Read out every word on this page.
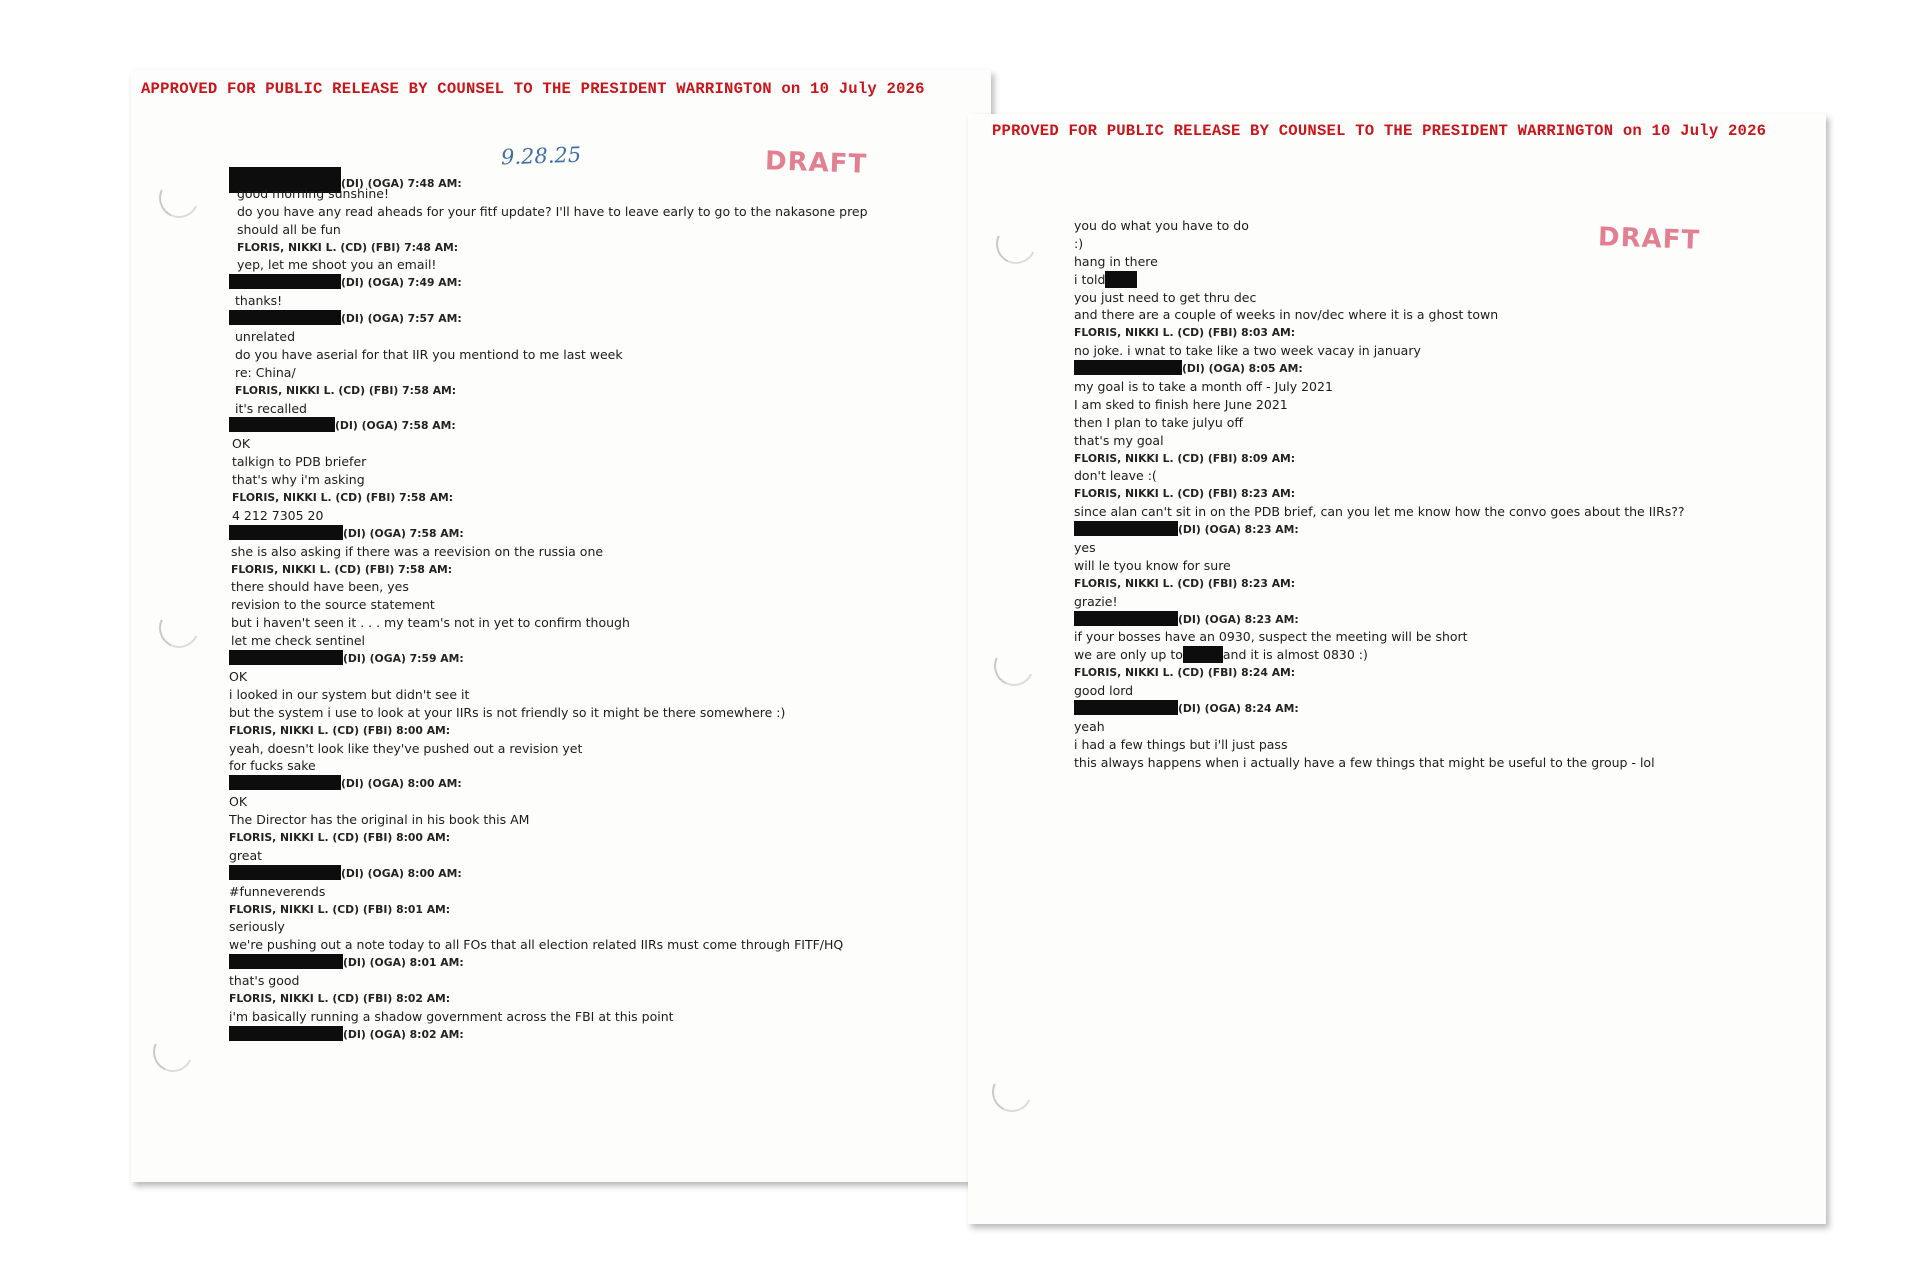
APPROVED FOR PUBLIC RELEASE BY COUNSEL TO THE PRESIDENT WARRINGTON on 10 July 2026
9.28.25	DRAFT
(DI) (OGA) 7:48 AM:
good morning sunshine!
do you have any read aheads for your fitf update? I'll have to leave early to go to the nakasone prep
should all be fun
FLORIS, NIKKI L. (CD) (FBI) 7:48 AM:
yep, let me shoot you an email!
(DI) (OGA) 7:49 AM:
thanks!
(DI) (OGA) 7:57 AM:
unrelated
do you have aserial for that IIR you mentiond to me last week
re: China/
FLORIS, NIKKI L. (CD) (FBI) 7:58 AM:
it's recalled
(DI) (OGA) 7:58 AM:
OK
talkign to PDB briefer
that's why i'm asking
FLORIS, NIKKI L. (CD) (FBI) 7:58 AM:
4 212 7305 20
(DI) (OGA) 7:58 AM:
she is also asking if there was a reevision on the russia one
FLORIS, NIKKI L. (CD) (FBI) 7:58 AM:
there should have been, yes
revision to the source statement
but i haven't seen it . . . my team's not in yet to confirm though
let me check sentinel
(DI) (OGA) 7:59 AM:
OK
i looked in our system but didn't see it
but the system i use to look at your IIRs is not friendly so it might be there somewhere :)
FLORIS, NIKKI L. (CD) (FBI) 8:00 AM:
yeah, doesn't look like they've pushed out a revision yet
for fucks sake
(DI) (OGA) 8:00 AM:
OK
The Director has the original in his book this AM
FLORIS, NIKKI L. (CD) (FBI) 8:00 AM:
great
(DI) (OGA) 8:00 AM:
#funneverends
FLORIS, NIKKI L. (CD) (FBI) 8:01 AM:
seriously
we're pushing out a note today to all FOs that all election related IIRs must come through FITF/HQ
(DI) (OGA) 8:01 AM:
that's good
FLORIS, NIKKI L. (CD) (FBI) 8:02 AM:
i'm basically running a shadow government across the FBI at this point
(DI) (OGA) 8:02 AM:
PPROVED FOR PUBLIC RELEASE BY COUNSEL TO THE PRESIDENT WARRINGTON on 10 July 2026
DRAFT
you do what you have to do
:)
hang in there
i told
you just need to get thru dec
and there are a couple of weeks in nov/dec where it is a ghost town
FLORIS, NIKKI L. (CD) (FBI) 8:03 AM:
no joke. i wnat to take like a two week vacay in january
(DI) (OGA) 8:05 AM:
my goal is to take a month off - July 2021
I am sked to finish here June 2021
then I plan to take julyu off
that's my goal
FLORIS, NIKKI L. (CD) (FBI) 8:09 AM:
don't leave :(
FLORIS, NIKKI L. (CD) (FBI) 8:23 AM:
since alan can't sit in on the PDB brief, can you let me know how the convo goes about the IIRs??
(DI) (OGA) 8:23 AM:
yes
will le tyou know for sure
FLORIS, NIKKI L. (CD) (FBI) 8:23 AM:
grazie!
(DI) (OGA) 8:23 AM:
if your bosses have an 0930, suspect the meeting will be short
we are only up to	and it is almost 0830 :)
FLORIS, NIKKI L. (CD) (FBI) 8:24 AM:
good lord
(DI) (OGA) 8:24 AM:
yeah
i had a few things but i'll just pass
this always happens when i actually have a few things that might be useful to the group - lol
